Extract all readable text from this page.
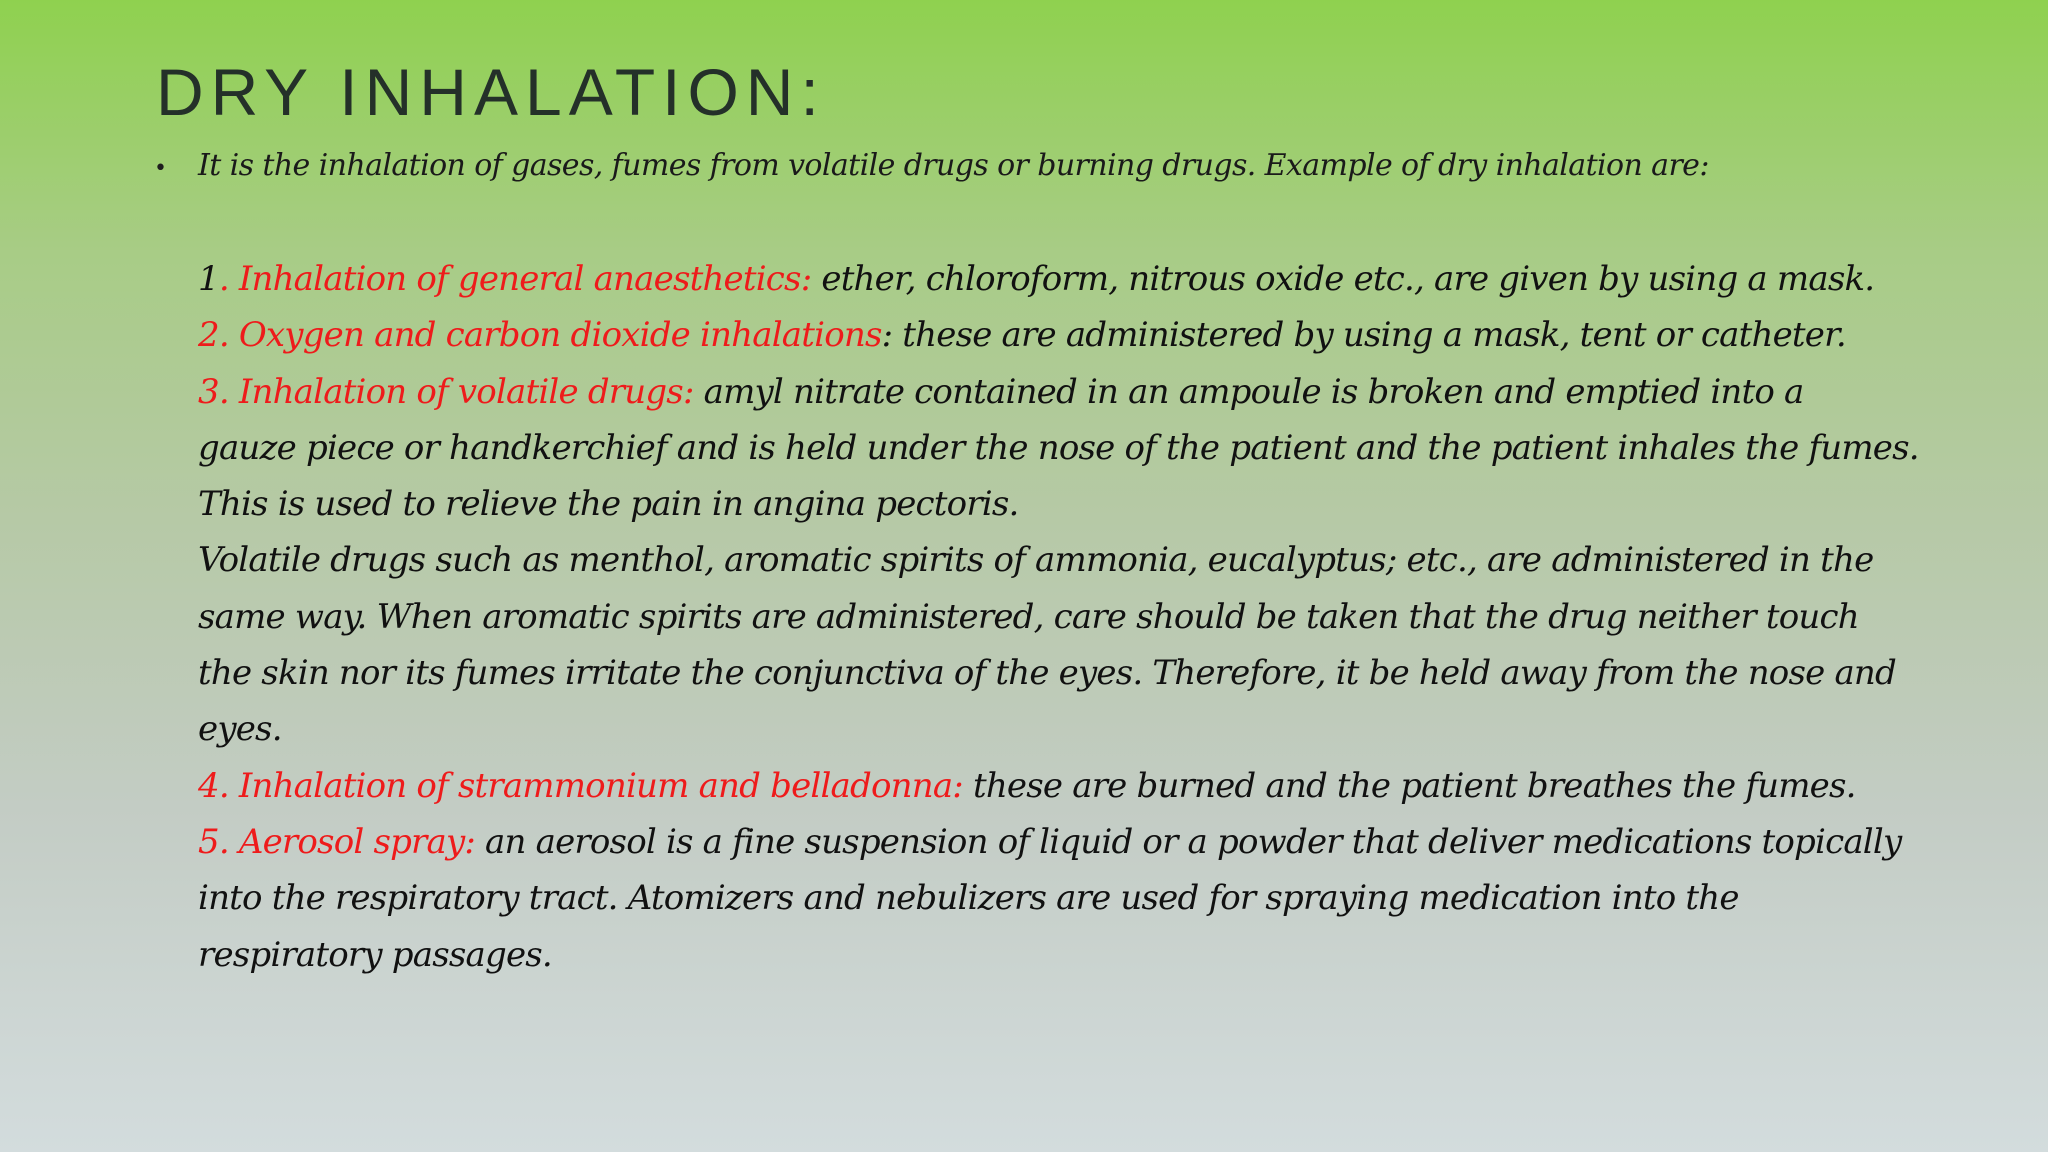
DRY INHALATION:
•	It is the inhalation of gases, fumes from volatile drugs or burning drugs. Example of dry inhalation are:
1. Inhalation of general anaesthetics: ether, chloroform, nitrous oxide etc., are given by using a mask.
2. Oxygen and carbon dioxide inhalations: these are administered by using a mask, tent or catheter.
3. Inhalation of volatile drugs: amyl nitrate contained in an ampoule is broken and emptied into a
gauze piece or handkerchief and is held under the nose of the patient and the patient inhales the fumes.
This is used to relieve the pain in angina pectoris.
Volatile drugs such as menthol, aromatic spirits of ammonia, eucalyptus; etc., are administered in the
same way. When aromatic spirits are administered, care should be taken that the drug neither touch
the skin nor its fumes irritate the conjunctiva of the eyes. Therefore, it be held away from the nose and
eyes.
4. Inhalation of strammonium and belladonna: these are burned and the patient breathes the fumes.
5. Aerosol spray: an aerosol is a fine suspension of liquid or a powder that deliver medications topically
into the respiratory tract. Atomizers and nebulizers are used for spraying medication into the
respiratory passages.
